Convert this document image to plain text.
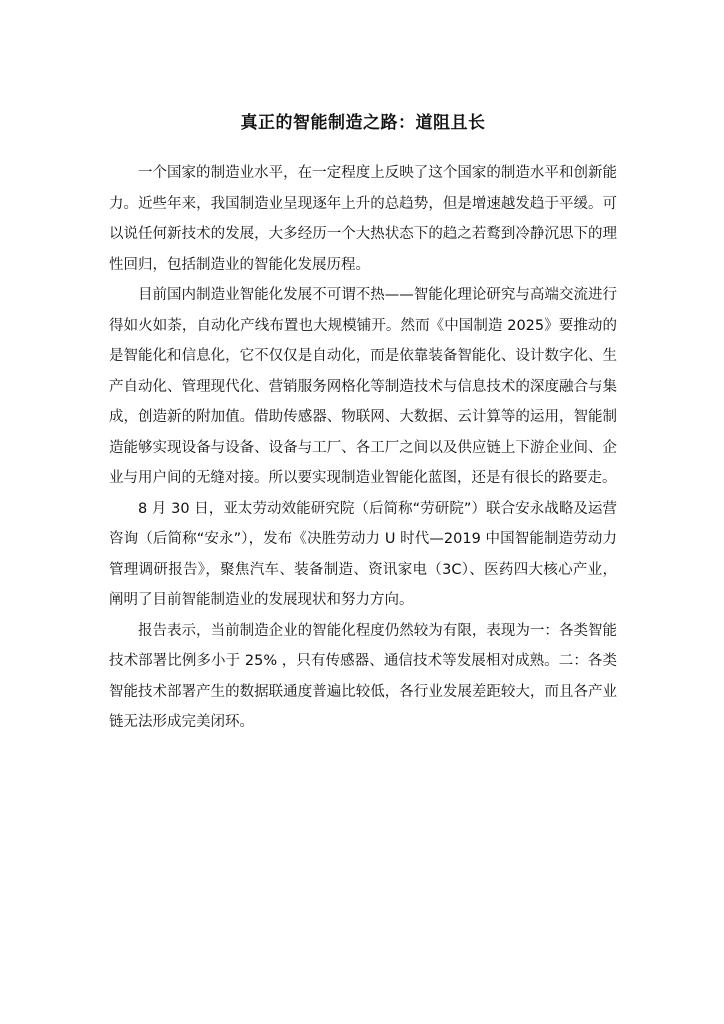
真正的智能制造之路：道阻且长

一个国家的制造业水平，在一定程度上反映了这个国家的制造水平和创新能力。近些年来，我国制造业呈现逐年上升的总趋势，但是增速越发趋于平缓。可以说任何新技术的发展，大多经历一个大热状态下的趋之若鹜到冷静沉思下的理性回归，包括制造业的智能化发展历程。

目前国内制造业智能化发展不可谓不热——智能化理论研究与高端交流进行得如火如荼，自动化产线布置也大规模铺开。然而《中国制造 2025》要推动的是智能化和信息化，它不仅仅是自动化，而是依靠装备智能化、设计数字化、生产自动化、管理现代化、营销服务网格化等制造技术与信息技术的深度融合与集成，创造新的附加值。借助传感器、物联网、大数据、云计算等的运用，智能制造能够实现设备与设备、设备与工厂、各工厂之间以及供应链上下游企业间、企业与用户间的无缝对接。所以要实现制造业智能化蓝图，还是有很长的路要走。

8 月 30 日，亚太劳动效能研究院（后简称“劳研院”）联合安永战略及运营咨询（后简称“安永”），发布《决胜劳动力 U 时代—2019 中国智能制造劳动力管理调研报告》，聚焦汽车、装备制造、资讯家电（3C）、医药四大核心产业，阐明了目前智能制造业的发展现状和努力方向。

报告表示，当前制造企业的智能化程度仍然较为有限，表现为一：各类智能技术部署比例多小于 25% ，只有传感器、通信技术等发展相对成熟。二：各类智能技术部署产生的数据联通度普遍比较低，各行业发展差距较大，而且各产业链无法形成完美闭环。
